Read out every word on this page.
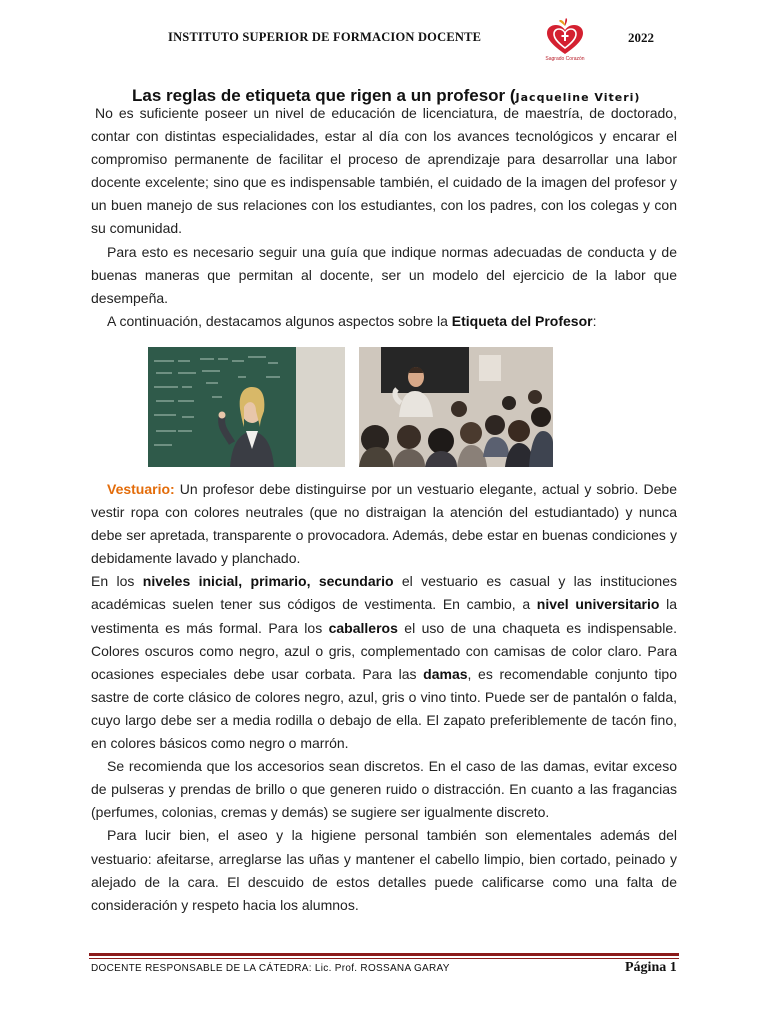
INSTITUTO SUPERIOR DE FORMACION DOCENTE
Sagrado Corazón
2022
Las reglas de etiqueta que rigen a un profesor (Jacqueline Viteri)

No es suficiente poseer un nivel de educación de licenciatura, de maestría, de doctorado, contar con distintas especialidades, estar al día con los avances tecnológicos y encarar el compromiso permanente de facilitar el proceso de aprendizaje para desarrollar una labor docente excelente; sino que es indispensable también, el cuidado de la imagen del profesor y un buen manejo de sus relaciones con los estudiantes, con los padres, con los colegas y con su comunidad.

Para esto es necesario seguir una guía que indique normas adecuadas de conducta y de buenas maneras que permitan al docente, ser un modelo del ejercicio de la labor que desempeña.

A continuación, destacamos algunos aspectos sobre la Etiqueta del Profesor:

Vestuario: Un profesor debe distinguirse por un vestuario elegante, actual y sobrio. Debe vestir ropa con colores neutrales (que no distraigan la atención del estudiantado) y nunca debe ser apretada, transparente o provocadora. Además, debe estar en buenas condiciones y debidamente lavado y planchado.

En los niveles inicial, primario, secundario el vestuario es casual y las instituciones académicas suelen tener sus códigos de vestimenta. En cambio, a nivel universitario la vestimenta es más formal. Para los caballeros el uso de una chaqueta es indispensable. Colores oscuros como negro, azul o gris, complementado con camisas de color claro. Para ocasiones especiales debe usar corbata. Para las damas, es recomendable conjunto tipo sastre de corte clásico de colores negro, azul, gris o vino tinto. Puede ser de pantalón o falda, cuyo largo debe ser a media rodilla o debajo de ella. El zapato preferiblemente de tacón fino, en colores básicos como negro o marrón.

Se recomienda que los accesorios sean discretos. En el caso de las damas, evitar exceso de pulseras y prendas de brillo o que generen ruido o distracción. En cuanto a las fragancias (perfumes, colonias, cremas y demás) se sugiere ser igualmente discreto.

Para lucir bien, el aseo y la higiene personal también son elementales además del vestuario: afeitarse, arreglarse las uñas y mantener el cabello limpio, bien cortado, peinado y alejado de la cara. El descuido de estos detalles puede calificarse como una falta de consideración y respeto hacia los alumnos.

DOCENTE RESPONSABLE DE LA CÁTEDRA: Lic. Prof. ROSSANA GARAY	Página 1
